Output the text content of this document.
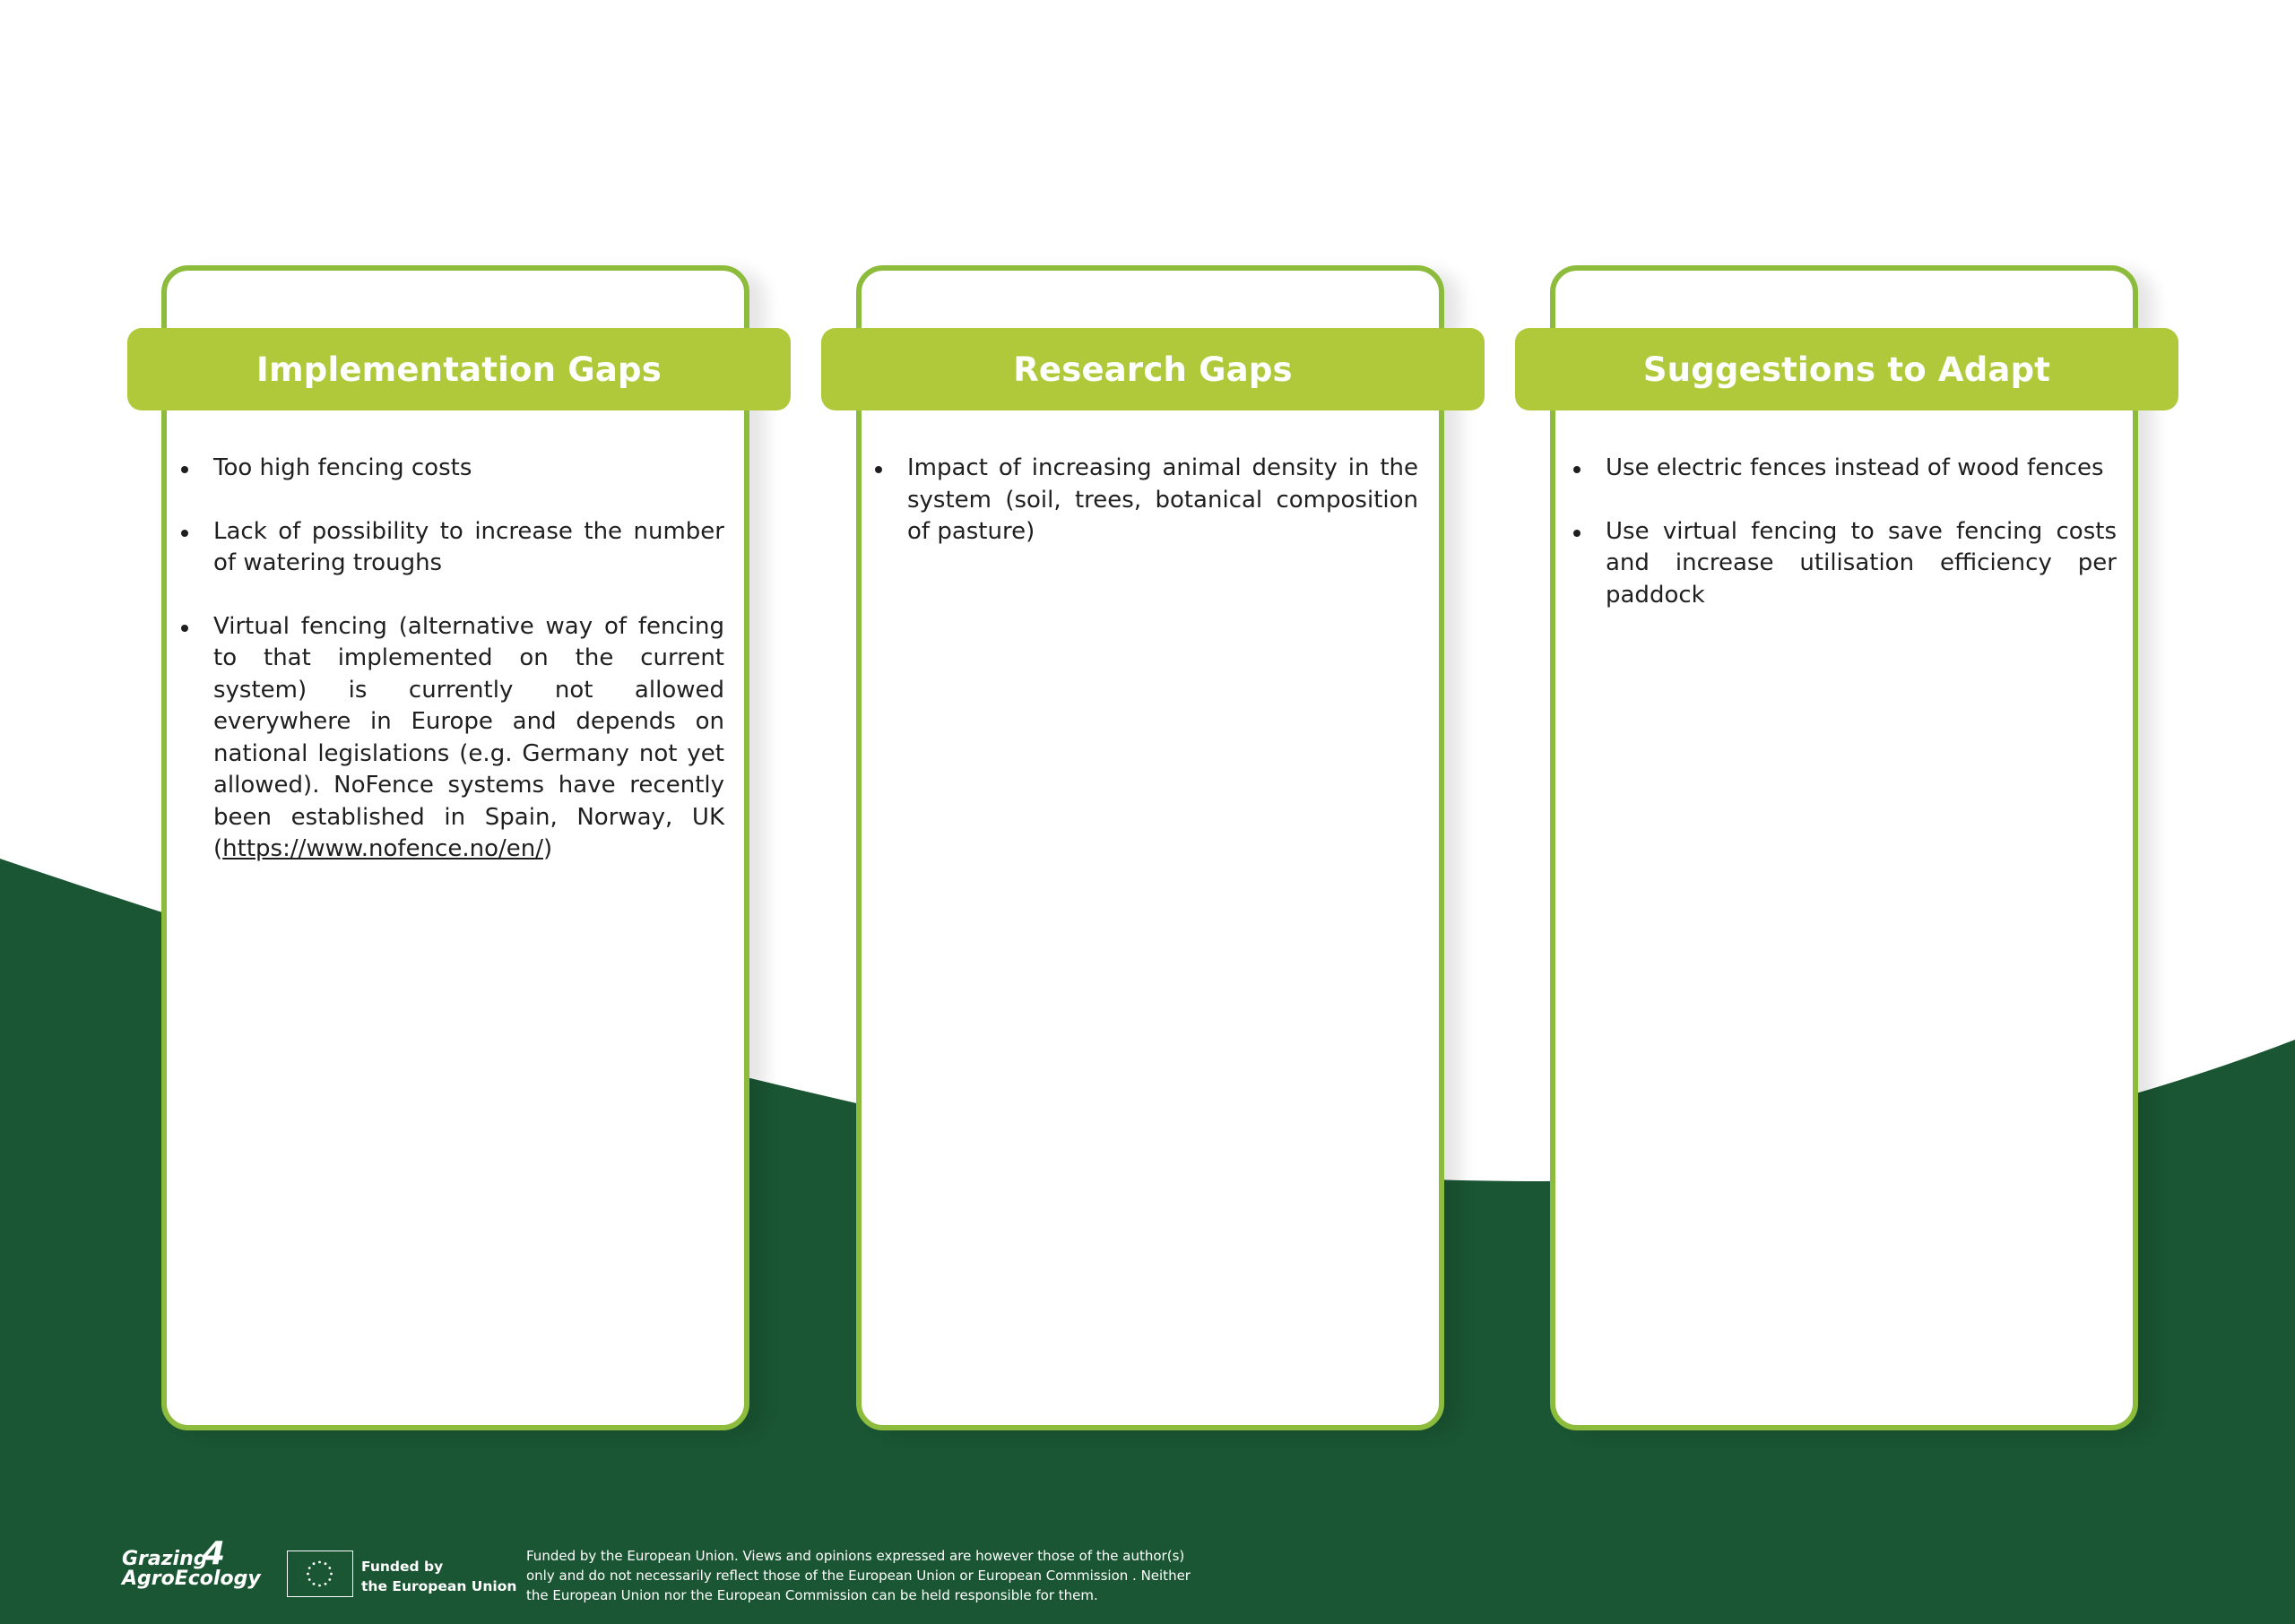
Implementation Gaps
Too high fencing costs
Lack of possibility to increase the number of watering troughs
Virtual fencing (alternative way of fencing to that implemented on the current system) is currently not allowed everywhere in Europe and depends on national legislations (e.g. Germany not yet allowed). NoFence systems have recently been established in Spain, Norway, UK (https://www.nofence.no/en/)
Research Gaps
Impact of increasing animal density in the system (soil, trees, botanical composition of pasture)
Suggestions to Adapt
Use electric fences instead of wood fences
Use virtual fencing to save fencing costs and increase utilisation efficiency per paddock
Grazing
AgroEcology
4	Funded by
the European Union
Funded by the European Union. Views and opinions expressed are however those of the author(s)
only and do not necessarily reflect those of the European Union or European Commission . Neither
the European Union nor the European Commission can be held responsible for them.
